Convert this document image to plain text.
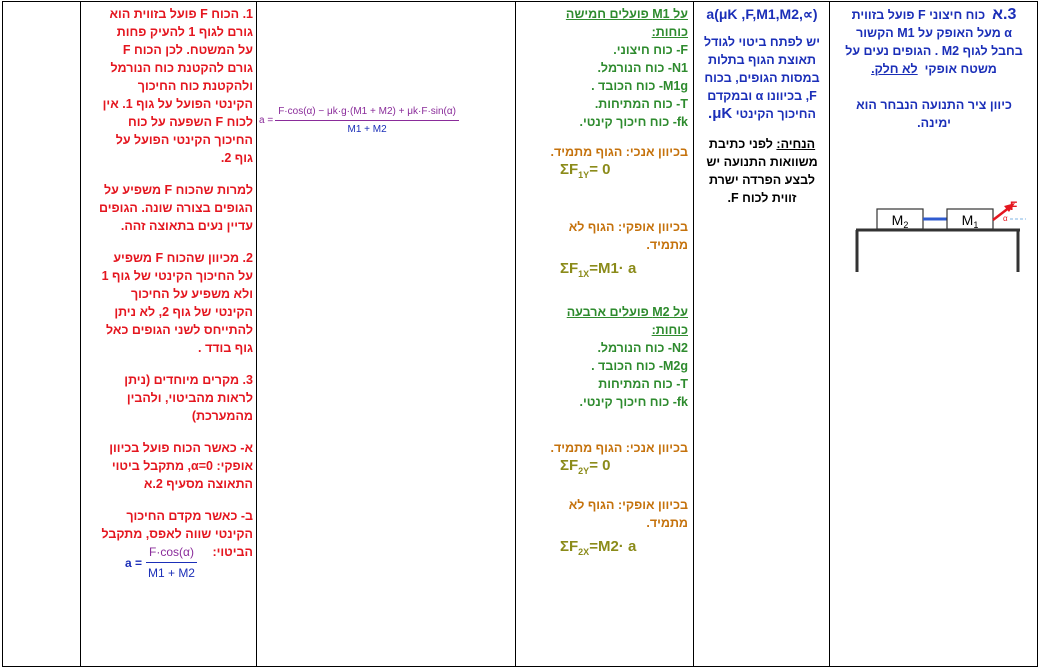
3.א  כוח חיצוני F פועל בזווית

α מעל האופק על M1 הקשור

בחבל לגוף M2 . הגופים נעים על

משטח אופקי  לא חלק.

כיוון ציר התנועה הנבחר הוא

ימינה.

$M_2$	$M_1$
F
α

a(μK ,F,M1,M2,∝)

יש לפתח ביטוי לגודל

תאוצת הגוף בתלות

במסות הגופים, בכוח

F, בכיוונו α ובמקדם

החיכוך הקינטי μK.

הנחיה: לפני כתיבת

משוואות התנועה יש

לבצע הפרדה ישרת

זווית לכוח F.

על M1 פועלים חמישה

כוחות:

F- כוח חיצוני.

N1- כוח הנורמל.

M1g- כוח הכובד .

T- כוח המתיחות.

fk- כוח חיכוך קינטי.

בכיוון אנכי: הגוף מתמיד.

$\Sigma F_{1Y}= 0$

בכיוון אופקי: הגוף לא

מתמיד.

$\Sigma F_{1X}=M1\cdot a$

על M2 פועלים ארבעה

כוחות:

N2- כוח הנורמל.

M2g- כוח הכובד .

T- כוח המתיחות

fk- כוח חיכוך קינטי.

בכיוון אנכי: הגוף מתמיד.

$\Sigma F_{2Y}= 0$

בכיוון אופקי: הגוף לא

מתמיד.

$\Sigma F_{2X}=M2\cdot a$

$a = \frac{F\cdot\cos(\alpha) - \mu k\cdot g\cdot(M1 + M2) + \mu k\cdot F\cdot\sin(\alpha)}{M1 + M2}$

1. הכוח F פועל בזווית הוא

גורם לגוף 1 להעיק פחות

על המשטח. לכן הכוח F

גורם להקטנת כוח הנורמל

ולהקטנת כוח החיכוך

הקינטי הפועל על גוף 1. אין

לכוח F השפעה על כוח

החיכוך הקינטי הפועל על

גוף 2.

למרות שהכוח F משפיע על

הגופים בצורה שונה. הגופים

עדיין נעים בתאוצה זהה.

2. מכיוון שהכוח F משפיע

על החיכוך הקינטי של גוף 1

ולא משפיע על החיכוך

הקינטי של גוף 2, לא ניתן

להתייחס לשני הגופים כאל

גוף בודד .

3. מקרים מיוחדים (ניתן

לראות מהביטוי, ולהבין

מהמערכת)

א- כאשר הכוח פועל בכיוון

אופקי: α=0, מתקבל ביטוי

התאוצה מסעיף 2.א

ב- כאשר מקדם החיכוך

הקינטי שווה לאפס, מתקבל

הביטוי:

$a = \frac{F\cdot\cos(\alpha)}{M1 + M2}$
